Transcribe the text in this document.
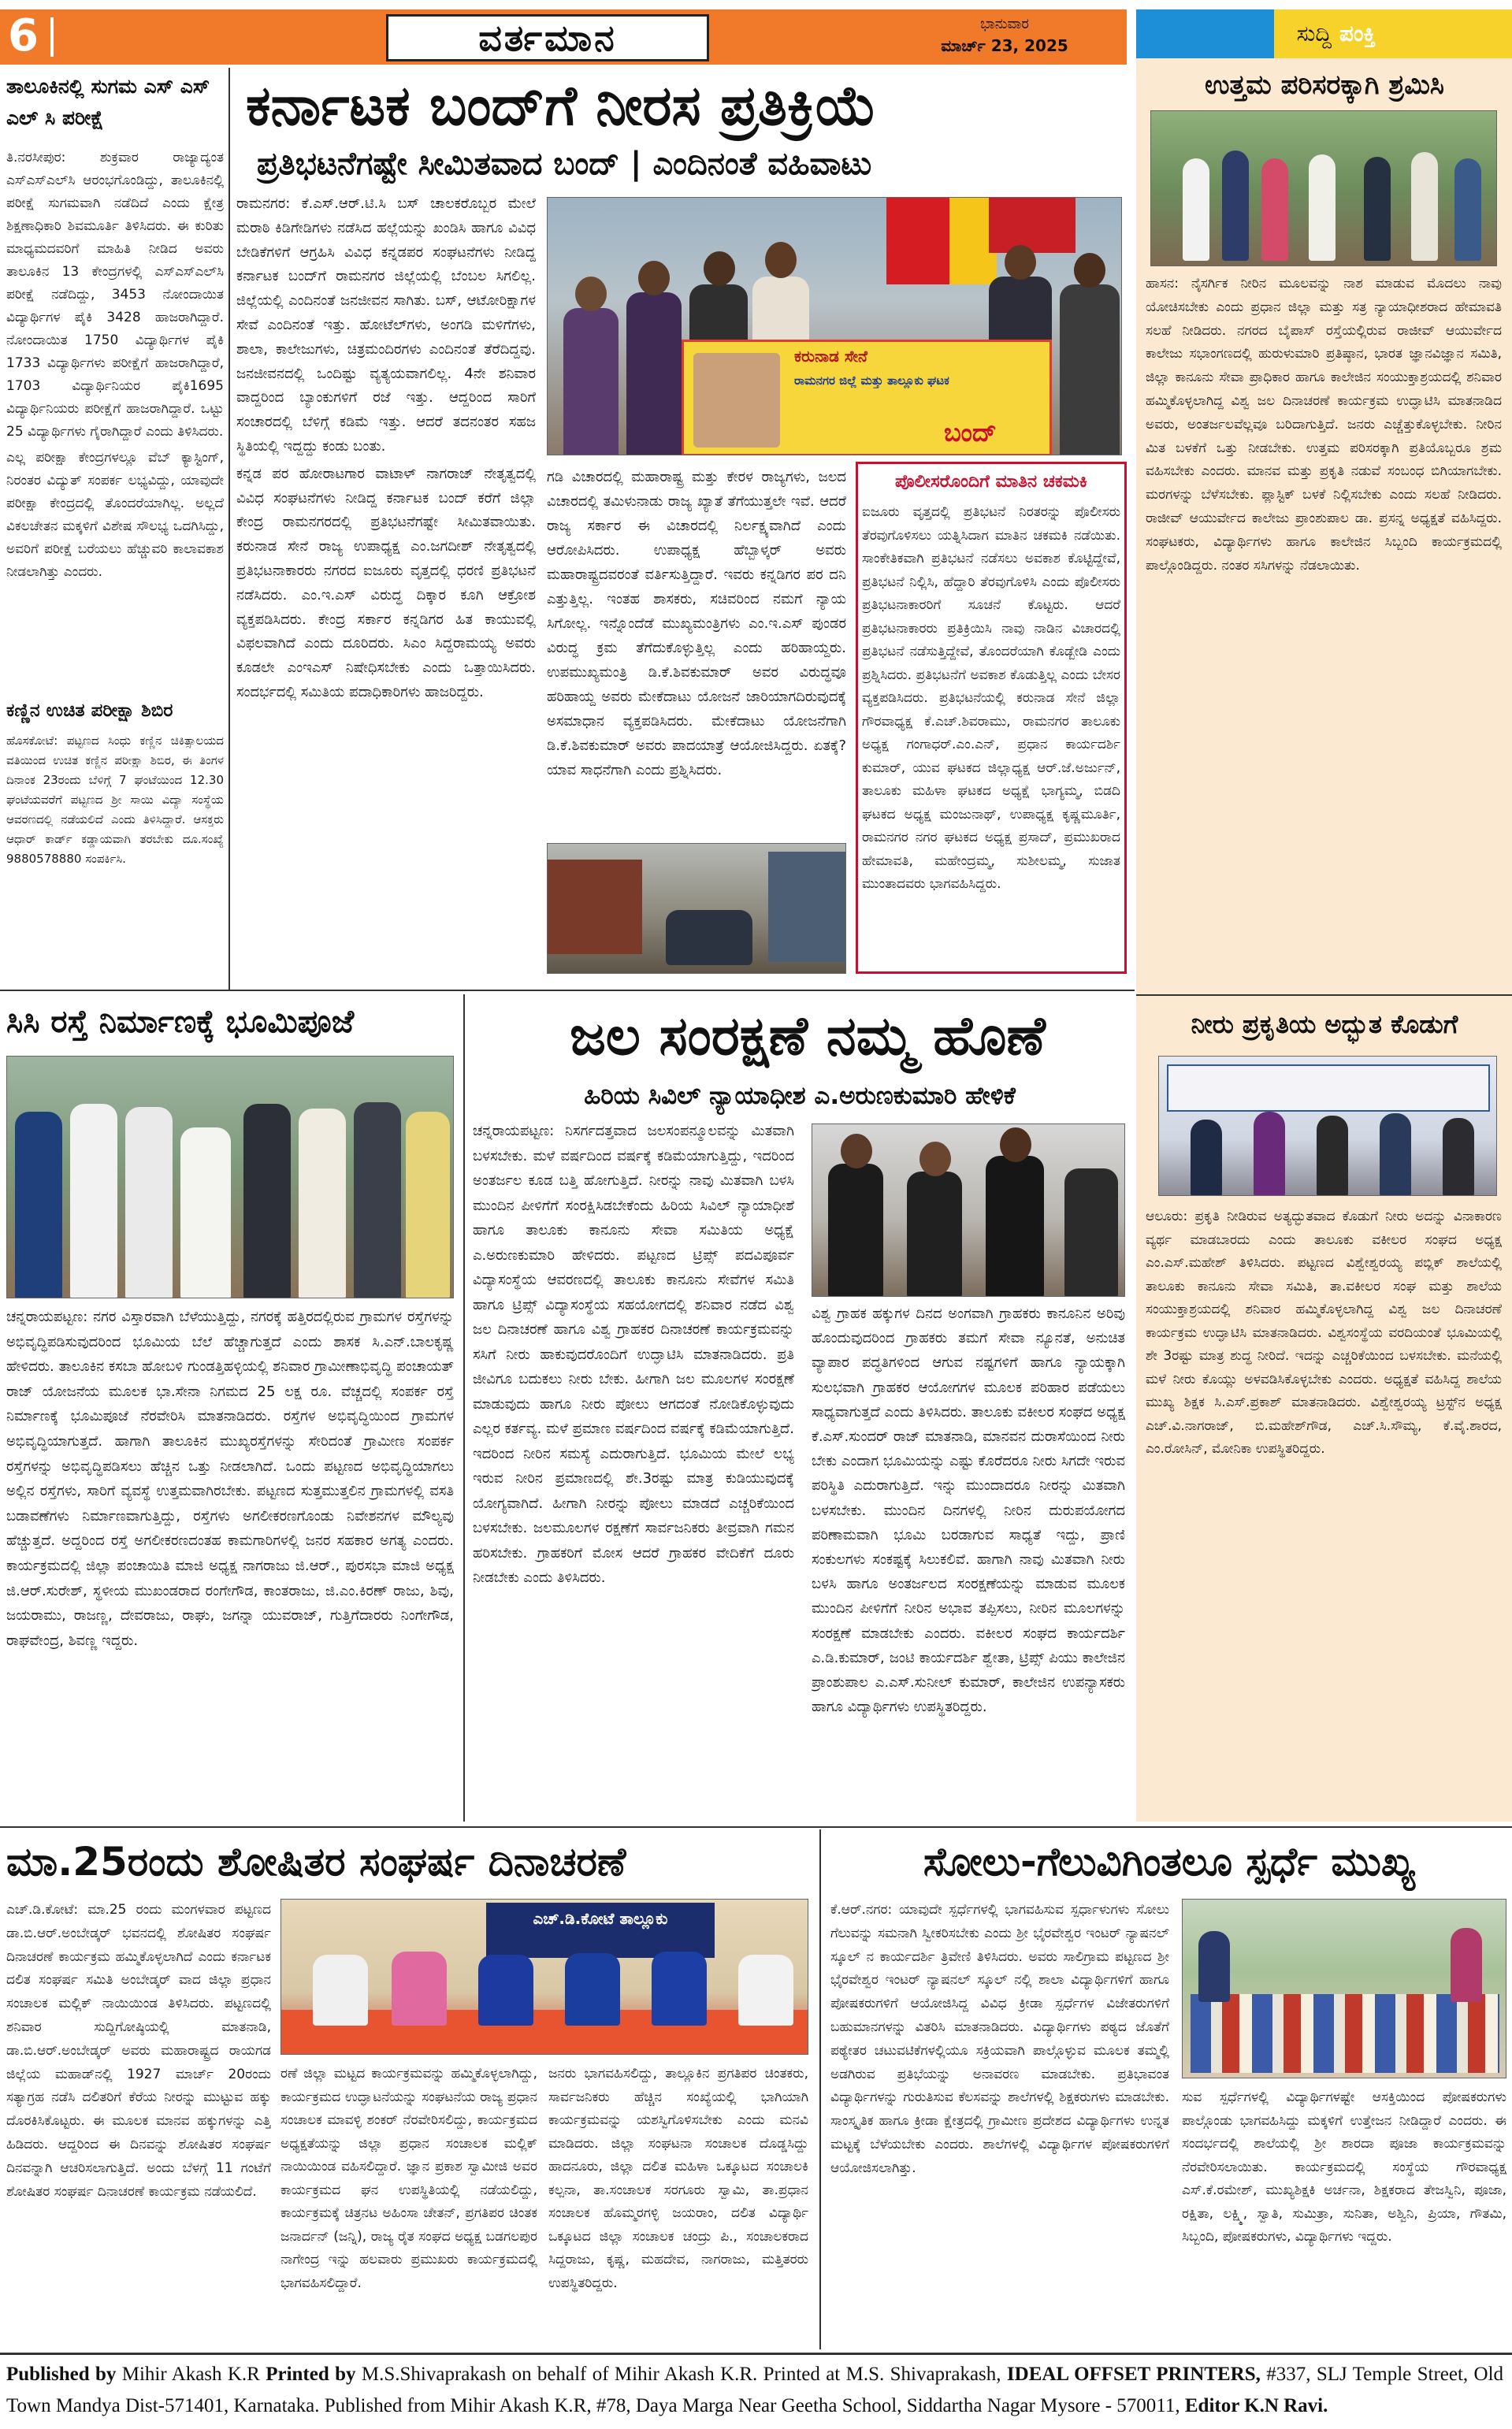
6	ವರ್ತಮಾನ	ಭಾನುವಾರ
ಮಾರ್ಚ್ 23, 2025	ಸುದ್ದಿ ಪಂಕ್ತಿ
ತಾಲೂಕಿನಲ್ಲಿ ಸುಗಮ ಎಸ್‌ ಎಸ್‌ ಎಲ್‌ ಸಿ ಪರೀಕ್ಷೆ

ತಿ.ನರಸೀಪುರ: ಶುಕ್ರವಾರ ರಾಜ್ಯಾದ್ಯಂತ ಎಸ್‌ಎಸ್‌ಎಲ್‌ಸಿ ಆರಂಭಗೊಂಡಿದ್ದು, ತಾಲೂಕಿನಲ್ಲಿ ಪರೀಕ್ಷೆ ಸುಗಮವಾಗಿ ನಡೆದಿದೆ ಎಂದು ಕ್ಷೇತ್ರ ಶಿಕ್ಷಣಾಧಿಕಾರಿ ಶಿವಮೂರ್ತಿ ತಿಳಿಸಿದರು. ಈ ಕುರಿತು ಮಾಧ್ಯಮದವರಿಗೆ ಮಾಹಿತಿ ನೀಡಿದ ಅವರು ತಾಲೂಕಿನ 13 ಕೇಂದ್ರಗಳಲ್ಲಿ ಎಸ್‌ಎಸ್‌ಎಲ್‌ಸಿ ಪರೀಕ್ಷೆ ನಡೆದಿದ್ದು, 3453 ನೋಂದಾಯಿತ ವಿದ್ಯಾರ್ಥಿಗಳ ಪೈಕಿ 3428 ಹಾಜರಾಗಿದ್ದಾರೆ. ನೋಂದಾಯಿತ 1750 ವಿದ್ಯಾರ್ಥಿಗಳ ಪೈಕಿ 1733 ವಿದ್ಯಾರ್ಥಿಗಳು ಪರೀಕ್ಷೆಗೆ ಹಾಜರಾಗಿದ್ದಾರೆ, 1703 ವಿದ್ಯಾರ್ಥಿನಿಯರ ಪೈಕಿ1695 ವಿದ್ಯಾರ್ಥಿನಿಯರು ಪರೀಕ್ಷೆಗೆ ಹಾಜರಾಗಿದ್ದಾರೆ. ಒಟ್ಟು 25 ವಿದ್ಯಾರ್ಥಿಗಳು ಗೈರಾಗಿದ್ದಾರೆ ಎಂದು ತಿಳಿಸಿದರು.

ಎಲ್ಲ ಪರೀಕ್ಷಾ ಕೇಂದ್ರಗಳಲ್ಲೂ ವೆಬ್ ಕ್ಯಾಸ್ಟಿಂಗ್, ನಿರಂತರ ವಿದ್ಯುತ್ ಸಂಪರ್ಕ ಲಭ್ಯವಿದ್ದು, ಯಾವುದೇ ಪರೀಕ್ಷಾ ಕೇಂದ್ರದಲ್ಲಿ ತೊಂದರೆಯಾಗಿಲ್ಲ. ಅಲ್ಲದೆ ವಿಕಲಚೇತನ ಮಕ್ಕಳಿಗೆ ವಿಶೇಷ ಸೌಲಭ್ಯ ಒದಗಿಸಿದ್ದು, ಅವರಿಗೆ ಪರೀಕ್ಷೆ ಬರೆಯಲು ಹೆಚ್ಚುವರಿ ಕಾಲಾವಕಾಶ ನೀಡಲಾಗಿತ್ತು ಎಂದರು.

ಕಣ್ಣಿನ ಉಚಿತ ಪರೀಕ್ಷಾ ಶಿಬಿರ
ಹೊಸಕೋಟೆ: ಪಟ್ಟಣದ ಸಿಂಧು ಕಣ್ಣಿನ ಚಿಕಿತ್ಸಾಲಯದ ವತಿಯಿಂದ ಉಚಿತ ಕಣ್ಣಿನ ಪರೀಕ್ಷಾ ಶಿಬಿರ, ಈ ತಿಂಗಳ ದಿನಾಂಕ 23ರಂದು ಬೆಳಿಗ್ಗೆ 7 ಘಂಟೆಯಿಂದ 12.30 ಘಂಟೆಯವರೆಗೆ ಪಟ್ಟಣದ ಶ್ರೀ ಸಾಯಿ ವಿದ್ಯಾ ಸಂಸ್ಥೆಯ ಆವರಣದಲ್ಲಿ ನಡೆಯಲಿದೆ ಎಂದು ತಿಳಿಸಿದ್ದಾರೆ. ಆಸಕ್ತರು ಆಧಾರ್ ಕಾರ್ಡ್ ಕಡ್ಡಾಯವಾಗಿ ತರಬೇಕು ದೂ.ಸಂಖ್ಯೆ 9880578880 ಸಂಪರ್ಕಿಸಿ.
ಕರ್ನಾಟಕ ಬಂದ್‌ಗೆ ನೀರಸ ಪ್ರತಿಕ್ರಿಯೆ
ಪ್ರತಿಭಟನೆಗಷ್ಟೇ ಸೀಮಿತವಾದ ಬಂದ್ | ಎಂದಿನಂತೆ ವಹಿವಾಟು

ರಾಮನಗರ: ಕೆ.ಎಸ್.ಆರ್.ಟಿ.ಸಿ ಬಸ್ ಚಾಲಕರೊಬ್ಬರ ಮೇಲೆ ಮರಾಠಿ ಕಿಡಿಗೇಡಿಗಳು ನಡೆಸಿದ ಹಲ್ಲೆಯನ್ನು ಖಂಡಿಸಿ ಹಾಗೂ ವಿವಿಧ ಬೇಡಿಕೆಗಳಿಗೆ ಆಗ್ರಹಿಸಿ ವಿವಿಧ ಕನ್ನಡಪರ ಸಂಘಟನೆಗಳು ನೀಡಿದ್ದ ಕರ್ನಾಟಕ ಬಂದ್‌ಗೆ ರಾಮನಗರ ಜಿಲ್ಲೆಯಲ್ಲಿ ಬೆಂಬಲ ಸಿಗಲಿಲ್ಲ. ಜಿಲ್ಲೆಯಲ್ಲಿ ಎಂದಿನಂತೆ ಜನಜೀವನ ಸಾಗಿತು. ಬಸ್, ಆಟೋರಿಕ್ಷಾಗಳ ಸೇವೆ ಎಂದಿನಂತೆ ಇತ್ತು. ಹೋಟೆಲ್‌ಗಳು, ಅಂಗಡಿ ಮಳಿಗೆಗಳು, ಶಾಲಾ, ಕಾಲೇಜುಗಳು, ಚಿತ್ರಮಂದಿರಗಳು ಎಂದಿನಂತೆ ತೆರೆದಿದ್ದವು. ಜನಜೀವನದಲ್ಲಿ ಒಂದಿಷ್ಟು ವ್ಯತ್ಯಯವಾಗಲಿಲ್ಲ. 4ನೇ ಶನಿವಾರ ವಾದ್ದರಿಂದ ಬ್ಯಾಂಕುಗಳಿಗೆ ರಜೆ ಇತ್ತು. ಆದ್ದರಿಂದ ಸಾರಿಗೆ ಸಂಚಾರದಲ್ಲಿ ಬೆಳಿಗ್ಗೆ ಕಡಿಮೆ ಇತ್ತು. ಆದರೆ ತದನಂತರ ಸಹಜ ಸ್ಥಿತಿಯಲ್ಲಿ ಇದ್ದದ್ದು ಕಂಡು ಬಂತು.

ಕನ್ನಡ ಪರ ಹೋರಾಟಗಾರ ವಾಟಾಳ್ ನಾಗರಾಜ್ ನೇತೃತ್ವದಲ್ಲಿ ವಿವಿಧ ಸಂಘಟನೆಗಳು ನೀಡಿದ್ದ ಕರ್ನಾಟಕ ಬಂದ್ ಕರೆಗೆ ಜಿಲ್ಲಾ ಕೇಂದ್ರ ರಾಮನಗರದಲ್ಲಿ ಪ್ರತಿಭಟನೆಗಷ್ಟೇ ಸೀಮಿತವಾಯಿತು. ಕರುನಾಡ ಸೇನೆ ರಾಜ್ಯ ಉಪಾಧ್ಯಕ್ಷ ಎಂ.ಜಗದೀಶ್ ನೇತೃತ್ವದಲ್ಲಿ ಪ್ರತಿಭಟನಾಕಾರರು ನಗರದ ಐಜೂರು ವೃತ್ತದಲ್ಲಿ ಧರಣಿ ಪ್ರತಿಭಟನೆ ನಡೆಸಿದರು. ಎಂ.ಇ.ಎಸ್ ವಿರುದ್ಧ ದಿಕ್ಕಾರ ಕೂಗಿ ಆಕ್ರೋಶ ವ್ಯಕ್ತಪಡಿಸಿದರು. ಕೇಂದ್ರ ಸರ್ಕಾರ ಕನ್ನಡಿಗರ ಹಿತ ಕಾಯುವಲ್ಲಿ ವಿಫಲವಾಗಿದೆ ಎಂದು ದೂರಿದರು. ಸಿಎಂ ಸಿದ್ದರಾಮಯ್ಯ ಅವರು ಕೂಡಲೇ ಎಂಇಎಸ್ ನಿಷೇಧಿಸಬೇಕು ಎಂದು ಒತ್ತಾಯಿಸಿದರು. ಸಂದರ್ಭದಲ್ಲಿ ಸಮಿತಿಯ ಪದಾಧಿಕಾರಿಗಳು ಹಾಜರಿದ್ದರು.

ಕರುನಾಡ ಸೇನೆ
ರಾಮನಗರ ಜಿಲ್ಲೆ ಮತ್ತು ತಾಲ್ಲೂಕು ಘಟಕ
ಬಂದ್
ಗಡಿ ವಿಚಾರದಲ್ಲಿ ಮಹಾರಾಷ್ಟ್ರ ಮತ್ತು ಕೇರಳ ರಾಜ್ಯಗಳು, ಜಲದ ವಿಚಾರದಲ್ಲಿ ತಮಿಳುನಾಡು ರಾಜ್ಯ ಖ್ಯಾತೆ ತೆಗೆಯುತ್ತಲೇ ಇವೆ. ಆದರೆ ರಾಜ್ಯ ಸರ್ಕಾರ ಈ ವಿಚಾರದಲ್ಲಿ ನಿರ್ಲಕ್ಷ್ಯವಾಗಿದೆ ಎಂದು ಆರೋಪಿಸಿದರು. ಉಪಾಧ್ಯಕ್ಷ ಹೆಬ್ಬಾಳ್ಕರ್ ಅವರು ಮಹಾರಾಷ್ಟ್ರದವರಂತೆ ವರ್ತಿಸುತ್ತಿದ್ದಾರೆ. ಇವರು ಕನ್ನಡಿಗರ ಪರ ದನಿ ಎತ್ತುತ್ತಿಲ್ಲ. ಇಂತಹ ಶಾಸಕರು, ಸಚಿವರಿಂದ ನಮಗೆ ನ್ಯಾಯ ಸಿಗೋಲ್ಲ. ಇನ್ನೊಂದೆಡೆ ಮುಖ್ಯಮಂತ್ರಿಗಳು ಎಂ.ಇ.ಎಸ್ ಪುಂಡರ ವಿರುದ್ಧ ಕ್ರಮ ತೆಗೆದುಕೊಳ್ಳುತ್ತಿಲ್ಲ ಎಂದು ಹರಿಹಾಯ್ದರು. ಉಪಮುಖ್ಯಮಂತ್ರಿ ಡಿ.ಕೆ.ಶಿವಕುಮಾರ್ ಅವರ ವಿರುದ್ಧವೂ ಹರಿಹಾಯ್ದ ಅವರು ಮೇಕೆದಾಟು ಯೋಜನೆ ಜಾರಿಯಾಗದಿರುವುದಕ್ಕೆ ಅಸಮಾಧಾನ ವ್ಯಕ್ತಪಡಿಸಿದರು. ಮೇಕೆದಾಟು ಯೋಜನೆಗಾಗಿ ಡಿ.ಕೆ.ಶಿವಕುಮಾರ್ ಅವರು ಪಾದಯಾತ್ರೆ ಆಯೋಜಿಸಿದ್ದರು. ಏತಕ್ಕೆ? ಯಾವ ಸಾಧನೆಗಾಗಿ ಎಂದು ಪ್ರಶ್ನಿಸಿದರು.
ಪೊಲೀಸರೊಂದಿಗೆ ಮಾತಿನ ಚಕಮಕಿ
ಐಜೂರು ವೃತ್ತದಲ್ಲಿ ಪ್ರತಿಭಟನೆ ನಿರತರನ್ನು ಪೊಲೀಸರು ತೆರವುಗೊಳಿಸಲು ಯತ್ನಿಸಿದಾಗ ಮಾತಿನ ಚಕಮಕಿ ನಡೆಯಿತು. ಸಾಂಕೇತಿಕವಾಗಿ ಪ್ರತಿಭಟನೆ ನಡೆಸಲು ಅವಕಾಶ ಕೊಟ್ಟಿದ್ದೇವೆ, ಪ್ರತಿಭಟನೆ ನಿಲ್ಲಿಸಿ, ಹೆದ್ದಾರಿ ತೆರವುಗೊಳಿಸಿ ಎಂದು ಪೊಲೀಸರು ಪ್ರತಿಭಟನಾಕಾರರಿಗೆ ಸೂಚನೆ ಕೊಟ್ಟರು. ಆದರೆ ಪ್ರತಿಭಟನಾಕಾರರು ಪ್ರತಿಕ್ರಿಯಿಸಿ ನಾವು ನಾಡಿನ ವಿಚಾರದಲ್ಲಿ ಪ್ರತಿಭಟನೆ ನಡೆಸುತ್ತಿದ್ದೇವೆ, ತೊಂದರೆಯಾಗಿ ಕೊಡ್ಬೇಡಿ ಎಂದು ಪ್ರಶ್ನಿಸಿದರು. ಪ್ರತಿಭಟನೆಗೆ ಅವಕಾಶ ಕೊಡುತ್ತಿಲ್ಲ ಎಂದು ಬೇಸರ ವ್ಯಕ್ತಪಡಿಸಿದರು. ಪ್ರತಿಭಟನೆಯಲ್ಲಿ ಕರುನಾಡ ಸೇನೆ ಜಿಲ್ಲಾ ಗೌರವಾಧ್ಯಕ್ಷ ಕೆ.ಎಚ್.ಶಿವರಾಮು, ರಾಮನಗರ ತಾಲೂಕು ಅಧ್ಯಕ್ಷ ಗಂಗಾಧರ್.ಎಂ.ಎನ್, ಪ್ರಧಾನ ಕಾರ್ಯದರ್ಶಿ ಕುಮಾರ್, ಯುವ ಘಟಕದ ಜಿಲ್ಲಾಧ್ಯಕ್ಷ ಆರ್.ಜೆ.ಅರ್ಜುನ್, ತಾಲೂಕು ಮಹಿಳಾ ಘಟಕದ ಅಧ್ಯಕ್ಷೆ ಭಾಗ್ಯಮ್ಮ, ಬಿಡದಿ ಘಟಕದ ಅಧ್ಯಕ್ಷ ಮಂಜುನಾಥ್, ಉಪಾಧ್ಯಕ್ಷ ಕೃಷ್ಣಮೂರ್ತಿ, ರಾಮನಗರ ನಗರ ಘಟಕದ ಅಧ್ಯಕ್ಷ ಪ್ರಸಾದ್, ಪ್ರಮುಖರಾದ ಹೇಮಾವತಿ, ಮಹೇಂದ್ರಮ್ಮ, ಸುಶೀಲಮ್ಮ, ಸುಜಾತ ಮುಂತಾದವರು ಭಾಗವಹಿಸಿದ್ದರು.
ಉತ್ತಮ ಪರಿಸರಕ್ಕಾಗಿ ಶ್ರಮಿಸಿ
ಹಾಸನ: ನೈಸರ್ಗಿಕ ನೀರಿನ ಮೂಲವನ್ನು ನಾಶ ಮಾಡುವ ಮೊದಲು ನಾವು ಯೋಚಿಸಬೇಕು ಎಂದು ಪ್ರಧಾನ ಜಿಲ್ಲಾ ಮತ್ತು ಸತ್ರ ನ್ಯಾಯಾಧೀಶರಾದ ಹೇಮಾವತಿ ಸಲಹೆ ನೀಡಿದರು. ನಗರದ ಬೈಪಾಸ್ ರಸ್ತೆಯಲ್ಲಿರುವ ರಾಜೀವ್ ಆಯುರ್ವೇದ ಕಾಲೇಜು ಸಭಾಂಗಣದಲ್ಲಿ ಹುರುಳುಮಾರಿ ಪ್ರತಿಷ್ಠಾನ, ಭಾರತ ಜ್ಞಾನವಿಜ್ಞಾನ ಸಮಿತಿ, ಜಿಲ್ಲಾ ಕಾನೂನು ಸೇವಾ ಪ್ರಾಧಿಕಾರ ಹಾಗೂ ಕಾಲೇಜಿನ ಸಂಯುಕ್ತಾಶ್ರಯದಲ್ಲಿ ಶನಿವಾರ ಹಮ್ಮಿಕೊಳ್ಳಲಾಗಿದ್ದ ವಿಶ್ವ ಜಲ ದಿನಾಚರಣೆ ಕಾರ್ಯಕ್ರಮ ಉದ್ಘಾಟಿಸಿ ಮಾತನಾಡಿದ ಅವರು, ಅಂತರ್ಜಲವೆಲ್ಲವೂ ಬರಿದಾಗುತ್ತಿದೆ. ಜನರು ಎಚ್ಚೆತ್ತುಕೊಳ್ಳಬೇಕು. ನೀರಿನ ಮಿತ ಬಳಕೆಗೆ ಒತ್ತು ನೀಡಬೇಕು. ಉತ್ತಮ ಪರಿಸರಕ್ಕಾಗಿ ಪ್ರತಿಯೊಬ್ಬರೂ ಶ್ರಮ ವಹಿಸಬೇಕು ಎಂದರು. ಮಾನವ ಮತ್ತು ಪ್ರಕೃತಿ ನಡುವೆ ಸಂಬಂಧ ಬಿಗಿಯಾಗಬೇಕು. ಮರಗಳನ್ನು ಬೆಳೆಸಬೇಕು. ಪ್ಲಾಸ್ಟಿಕ್ ಬಳಕೆ ನಿಲ್ಲಿಸಬೇಕು ಎಂದು ಸಲಹೆ ನೀಡಿದರು. ರಾಜೀವ್ ಆಯುರ್ವೇದ ಕಾಲೇಜು ಪ್ರಾಂಶುಪಾಲ ಡಾ. ಪ್ರಸನ್ನ ಅಧ್ಯಕ್ಷತೆ ವಹಿಸಿದ್ದರು. ಸಂಘಟಕರು, ವಿದ್ಯಾರ್ಥಿಗಳು ಹಾಗೂ ಕಾಲೇಜಿನ ಸಿಬ್ಬಂದಿ ಕಾರ್ಯಕ್ರಮದಲ್ಲಿ ಪಾಲ್ಗೊಂಡಿದ್ದರು. ನಂತರ ಸಸಿಗಳನ್ನು ನೆಡಲಾಯಿತು.
ನೀರು ಪ್ರಕೃತಿಯ ಅದ್ಭುತ ಕೊಡುಗೆ
ಆಲೂರು: ಪ್ರಕೃತಿ ನೀಡಿರುವ ಅತ್ಯದ್ಭುತವಾದ ಕೊಡುಗೆ ನೀರು ಅದನ್ನು ವಿನಾಕಾರಣ ವ್ಯರ್ಥ ಮಾಡಬಾರದು ಎಂದು ತಾಲೂಕು ವಕೀಲರ ಸಂಘದ ಅಧ್ಯಕ್ಷ ಎಂ.ಎಸ್.ಮಹೇಶ್ ತಿಳಿಸಿದರು. ಪಟ್ಟಣದ ವಿಶ್ವೇಶ್ವರಯ್ಯ ಪಬ್ಲಿಕ್ ಶಾಲೆಯಲ್ಲಿ ತಾಲೂಕು ಕಾನೂನು ಸೇವಾ ಸಮಿತಿ, ತಾ.ವಕೀಲರ ಸಂಘ ಮತ್ತು ಶಾಲೆಯ ಸಂಯುಕ್ತಾಶ್ರಯದಲ್ಲಿ ಶನಿವಾರ ಹಮ್ಮಿಕೊಳ್ಳಲಾಗಿದ್ದ ವಿಶ್ವ ಜಲ ದಿನಾಚರಣೆ ಕಾರ್ಯಕ್ರಮ ಉದ್ಘಾಟಿಸಿ ಮಾತನಾಡಿದರು. ವಿಶ್ವಸಂಸ್ಥೆಯ ವರದಿಯಂತೆ ಭೂಮಿಯಲ್ಲಿ ಶೇ 3ರಷ್ಟು ಮಾತ್ರ ಶುದ್ಧ ನೀರಿದೆ. ಇದನ್ನು ಎಚ್ಚರಿಕೆಯಿಂದ ಬಳಸಬೇಕು. ಮನೆಯಲ್ಲಿ ಮಳೆ ನೀರು ಕೊಯ್ಲು ಅಳವಡಿಸಿಕೊಳ್ಳಬೇಕು ಎಂದರು. ಅಧ್ಯಕ್ಷತೆ ವಹಿಸಿದ್ದ ಶಾಲೆಯ ಮುಖ್ಯ ಶಿಕ್ಷಕ ಸಿ.ಎಸ್.ಪ್ರಕಾಶ್ ಮಾತನಾಡಿದರು. ವಿಶ್ವೇಶ್ವರಯ್ಯ ಟ್ರಸ್ಟ್‌ನ ಅಧ್ಯಕ್ಷ ಎಚ್.ವಿ.ನಾಗರಾಜ್, ಬಿ.ಮಹೇಶ್‌ಗೌಡ, ಎಚ್.ಸಿ.ಸೌಮ್ಯ, ಕೆ.ವೈ.ಶಾರದ, ಎಂ.ರೋಸಿನ್, ಮೋನಿಕಾ ಉಪಸ್ಥಿತರಿದ್ದರು.
ಸಿಸಿ ರಸ್ತೆ ನಿರ್ಮಾಣಕ್ಕೆ ಭೂಮಿಪೂಜೆ
ಚನ್ನರಾಯಪಟ್ಟಣ: ನಗರ ವಿಸ್ತಾರವಾಗಿ ಬೆಳೆಯುತ್ತಿದ್ದು, ನಗರಕ್ಕೆ ಹತ್ತಿರದಲ್ಲಿರುವ ಗ್ರಾಮಗಳ ರಸ್ತೆಗಳನ್ನು ಅಭಿವೃದ್ಧಿಪಡಿಸುವುದರಿಂದ ಭೂಮಿಯ ಬೆಲೆ ಹೆಚ್ಚಾಗುತ್ತದೆ ಎಂದು ಶಾಸಕ ಸಿ.ಎನ್.ಬಾಲಕೃಷ್ಣ ಹೇಳಿದರು. ತಾಲೂಕಿನ ಕಸಬಾ ಹೋಬಳಿ ಗುಂಡತ್ತಿಹಳ್ಳಿಯಲ್ಲಿ ಶನಿವಾರ ಗ್ರಾಮೀಣಾಭಿವೃದ್ಧಿ ಪಂಚಾಯತ್ ರಾಜ್ ಯೋಜನೆಯ ಮೂಲಕ ಭಾ.ಸೇನಾ ನಿಗಮದ 25 ಲಕ್ಷ ರೂ. ವೆಚ್ಚದಲ್ಲಿ ಸಂಪರ್ಕ ರಸ್ತೆ ನಿರ್ಮಾಣಕ್ಕೆ ಭೂಮಿಪೂಜೆ ನೆರವೇರಿಸಿ ಮಾತನಾಡಿದರು. ರಸ್ತೆಗಳ ಅಭಿವೃದ್ಧಿಯಿಂದ ಗ್ರಾಮಗಳ ಅಭಿವೃದ್ಧಿಯಾಗುತ್ತದೆ. ಹಾಗಾಗಿ ತಾಲೂಕಿನ ಮುಖ್ಯರಸ್ತೆಗಳನ್ನು ಸೇರಿದಂತೆ ಗ್ರಾಮೀಣ ಸಂಪರ್ಕ ರಸ್ತೆಗಳನ್ನು ಅಭಿವೃದ್ಧಿಪಡಿಸಲು ಹೆಚ್ಚಿನ ಒತ್ತು ನೀಡಲಾಗಿದೆ. ಒಂದು ಪಟ್ಟಣದ ಅಭಿವೃದ್ಧಿಯಾಗಲು ಅಲ್ಲಿನ ರಸ್ತೆಗಳು, ಸಾರಿಗೆ ವ್ಯವಸ್ಥೆ ಉತ್ತಮವಾಗಿರಬೇಕು. ಪಟ್ಟಣದ ಸುತ್ತಮುತ್ತಲಿನ ಗ್ರಾಮಗಳಲ್ಲಿ ವಸತಿ ಬಡಾವಣೆಗಳು ನಿರ್ಮಾಣವಾಗುತ್ತಿದ್ದು, ರಸ್ತೆಗಳು ಅಗಲೀಕರಣಗೊಂಡು ನಿವೇಶನಗಳ ಮೌಲ್ಯವು ಹೆಚ್ಚುತ್ತದೆ. ಅದ್ದರಿಂದ ರಸ್ತೆ ಅಗಲೀಕರಣದಂತಹ ಕಾಮಗಾರಿಗಳಲ್ಲಿ ಜನರ ಸಹಕಾರ ಅಗತ್ಯ ಎಂದರು. ಕಾರ್ಯಕ್ರಮದಲ್ಲಿ ಜಿಲ್ಲಾ ಪಂಚಾಯಿತಿ ಮಾಜಿ ಅಧ್ಯಕ್ಷ ನಾಗರಾಜು ಜಿ.ಆರ್., ಪುರಸಭಾ ಮಾಜಿ ಅಧ್ಯಕ್ಷ ಜಿ.ಆರ್.ಸುರೇಶ್, ಸ್ಥಳೀಯ ಮುಖಂಡರಾದ ರಂಗೇಗೌಡ, ಕಾಂತರಾಜು, ಜಿ.ಎಂ.ಕಿರಣ್ ರಾಜು, ಶಿವು, ಜಯರಾಮು, ರಾಜಣ್ಣ, ದೇವರಾಜು, ರಾಘು, ಜಗನ್ನಾ ಯುವರಾಜ್, ಗುತ್ತಿಗೆದಾರರು ನಿಂಗೇಗೌಡ, ರಾಘವೇಂದ್ರ, ಶಿವಣ್ಣ ಇದ್ದರು.
ಜಲ ಸಂರಕ್ಷಣೆ ನಮ್ಮ ಹೊಣೆ
ಹಿರಿಯ ಸಿವಿಲ್ ನ್ಯಾಯಾಧೀಶ ಎ.ಅರುಣಕುಮಾರಿ ಹೇಳಿಕೆ
ಚನ್ನರಾಯಪಟ್ಟಣ: ನಿಸರ್ಗದತ್ತವಾದ ಜಲಸಂಪನ್ಮೂಲವನ್ನು ಮಿತವಾಗಿ ಬಳಸಬೇಕು. ಮಳೆ ವರ್ಷದಿಂದ ವರ್ಷಕ್ಕೆ ಕಡಿಮೆಯಾಗುತ್ತಿದ್ದು, ಇದರಿಂದ ಅಂತರ್ಜಲ ಕೂಡ ಬತ್ತಿ ಹೋಗುತ್ತಿದೆ. ನೀರನ್ನು ನಾವು ಮಿತವಾಗಿ ಬಳಸಿ ಮುಂದಿನ ಪೀಳಿಗೆಗೆ ಸಂರಕ್ಷಿಸಿಡಬೇಕೆಂದು ಹಿರಿಯ ಸಿವಿಲ್ ನ್ಯಾಯಾಧೀಶೆ ಹಾಗೂ ತಾಲೂಕು ಕಾನೂನು ಸೇವಾ ಸಮಿತಿಯ ಅಧ್ಯಕ್ಷೆ ಎ.ಅರುಣಕುಮಾರಿ ಹೇಳಿದರು. ಪಟ್ಟಣದ ಟ್ರಿಪ್ಸ್ ಪದವಿಪೂರ್ವ ವಿದ್ಯಾಸಂಸ್ಥೆಯ ಆವರಣದಲ್ಲಿ ತಾಲೂಕು ಕಾನೂನು ಸೇವೆಗಳ ಸಮಿತಿ ಹಾಗೂ ಟ್ರಿಪ್ಸ್ ವಿದ್ಯಾಸಂಸ್ಥೆಯ ಸಹಯೋಗದಲ್ಲಿ ಶನಿವಾರ ನಡೆದ ವಿಶ್ವ ಜಲ ದಿನಾಚರಣೆ ಹಾಗೂ ವಿಶ್ವ ಗ್ರಾಹಕರ ದಿನಾಚರಣೆ ಕಾರ್ಯಕ್ರಮವನ್ನು ಸಸಿಗೆ ನೀರು ಹಾಕುವುದರೊಂದಿಗೆ ಉದ್ಘಾಟಿಸಿ ಮಾತನಾಡಿದರು. ಪ್ರತಿ ಜೀವಿಗೂ ಬದುಕಲು ನೀರು ಬೇಕು. ಹೀಗಾಗಿ ಜಲ ಮೂಲಗಳ ಸಂರಕ್ಷಣೆ ಮಾಡುವುದು ಹಾಗೂ ನೀರು ಪೋಲು ಆಗದಂತೆ ನೋಡಿಕೊಳ್ಳುವುದು ಎಲ್ಲರ ಕರ್ತವ್ಯ. ಮಳೆ ಪ್ರಮಾಣ ವರ್ಷದಿಂದ ವರ್ಷಕ್ಕೆ ಕಡಿಮೆಯಾಗುತ್ತಿದೆ. ಇದರಿಂದ ನೀರಿನ ಸಮಸ್ಯೆ ಎದುರಾಗುತ್ತಿದೆ. ಭೂಮಿಯ ಮೇಲೆ ಲಭ್ಯ ಇರುವ ನೀರಿನ ಪ್ರಮಾಣದಲ್ಲಿ ಶೇ.3ರಷ್ಟು ಮಾತ್ರ ಕುಡಿಯುವುದಕ್ಕೆ ಯೋಗ್ಯವಾಗಿದೆ. ಹೀಗಾಗಿ ನೀರನ್ನು ಪೋಲು ಮಾಡದೆ ಎಚ್ಚರಿಕೆಯಿಂದ ಬಳಸಬೇಕು. ಜಲಮೂಲಗಳ ರಕ್ಷಣೆಗೆ ಸಾರ್ವಜನಿಕರು ತೀವ್ರವಾಗಿ ಗಮನ ಹರಿಸಬೇಕು. ಗ್ರಾಹಕರಿಗೆ ಮೋಸ ಆದರೆ ಗ್ರಾಹಕರ ವೇದಿಕೆಗೆ ದೂರು ನೀಡಬೇಕು ಎಂದು ತಿಳಿಸಿದರು.
ವಿಶ್ವ ಗ್ರಾಹಕ ಹಕ್ಕುಗಳ ದಿನದ ಅಂಗವಾಗಿ ಗ್ರಾಹಕರು ಕಾನೂನಿನ ಅರಿವು ಹೊಂದುವುದರಿಂದ ಗ್ರಾಹಕರು ತಮಗೆ ಸೇವಾ ನ್ಯೂನತೆ, ಅನುಚಿತ ವ್ಯಾಪಾರ ಪದ್ಧತಿಗಳಿಂದ ಆಗುವ ನಷ್ಟಗಳಿಗೆ ಹಾಗೂ ನ್ಯಾಯಕ್ಕಾಗಿ ಸುಲಭವಾಗಿ ಗ್ರಾಹಕರ ಆಯೋಗಗಳ ಮೂಲಕ ಪರಿಹಾರ ಪಡೆಯಲು ಸಾಧ್ಯವಾಗುತ್ತದೆ ಎಂದು ತಿಳಿಸಿದರು. ತಾಲೂಕು ವಕೀಲರ ಸಂಘದ ಅಧ್ಯಕ್ಷ ಕೆ.ಎಸ್.ಸುಂದರ್ ರಾಜ್ ಮಾತನಾಡಿ, ಮಾನವನ ದುರಾಸೆಯಿಂದ ನೀರು ಬೇಕು ಎಂದಾಗ ಭೂಮಿಯನ್ನು ಎಷ್ಟು ಕೊರೆದರೂ ನೀರು ಸಿಗದೇ ಇರುವ ಪರಿಸ್ಥಿತಿ ಎದುರಾಗುತ್ತಿದೆ. ಇನ್ನು ಮುಂದಾದರೂ ನೀರನ್ನು ಮಿತವಾಗಿ ಬಳಸಬೇಕು. ಮುಂದಿನ ದಿನಗಳಲ್ಲಿ ನೀರಿನ ದುರುಪಯೋಗದ ಪರಿಣಾಮವಾಗಿ ಭೂಮಿ ಬರಡಾಗುವ ಸಾಧ್ಯತೆ ಇದ್ದು, ಪ್ರಾಣಿ ಸಂಕುಲಗಳು ಸಂಕಷ್ಟಕ್ಕೆ ಸಿಲುಕಲಿವೆ. ಹಾಗಾಗಿ ನಾವು ಮಿತವಾಗಿ ನೀರು ಬಳಸಿ ಹಾಗೂ ಅಂತರ್ಜಲದ ಸಂರಕ್ಷಣೆಯನ್ನು ಮಾಡುವ ಮೂಲಕ ಮುಂದಿನ ಪೀಳಿಗೆಗೆ ನೀರಿನ ಅಭಾವ ತಪ್ಪಿಸಲು, ನೀರಿನ ಮೂಲಗಳನ್ನು ಸಂರಕ್ಷಣೆ ಮಾಡಬೇಕು ಎಂದರು. ವಕೀಲರ ಸಂಘದ ಕಾರ್ಯದರ್ಶಿ ಎ.ಡಿ.ಕುಮಾರ್, ಜಂಟಿ ಕಾರ್ಯದರ್ಶಿ ಶ್ವೇತಾ, ಟ್ರಿಪ್ಸ್ ಪಿಯು ಕಾಲೇಜಿನ ಪ್ರಾಂಶುಪಾಲ ಎ.ಎಸ್.ಸುನೀಲ್ ಕುಮಾರ್, ಕಾಲೇಜಿನ ಉಪನ್ಯಾಸಕರು ಹಾಗೂ ವಿದ್ಯಾರ್ಥಿಗಳು ಉಪಸ್ಥಿತರಿದ್ದರು.
ಮಾ.25ರಂದು ಶೋಷಿತರ ಸಂಘರ್ಷ ದಿನಾಚರಣೆ
ಎಚ್.ಡಿ.ಕೋಟೆ: ಮಾ.25 ರಂದು ಮಂಗಳವಾರ ಪಟ್ಟಣದ ಡಾ.ಬಿ.ಆರ್.ಅಂಬೇಡ್ಕರ್ ಭವನದಲ್ಲಿ ಶೋಷಿತರ ಸಂಘರ್ಷ ದಿನಾಚರಣೆ ಕಾರ್ಯಕ್ರಮ ಹಮ್ಮಿಕೊಳ್ಳಲಾಗಿದೆ ಎಂದು ಕರ್ನಾಟಕ ದಲಿತ ಸಂಘರ್ಷ ಸಮಿತಿ ಅಂಬೇಡ್ಕರ್ ವಾದ ಜಿಲ್ಲಾ ಪ್ರಧಾನ ಸಂಚಾಲಕ ಮಲ್ಲಿಕ್ ನಾಯಿಯಿಂಡ ತಿಳಿಸಿದರು. ಪಟ್ಟಣದಲ್ಲಿ ಶನಿವಾರ ಸುದ್ದಿಗೋಷ್ಠಿಯಲ್ಲಿ ಮಾತನಾಡಿ, ಡಾ.ಬಿ.ಆರ್.ಅಂಬೇಡ್ಕರ್ ಅವರು ಮಹಾರಾಷ್ಟ್ರದ ರಾಯಗಡ ಜಿಲ್ಲೆಯ ಮಹಾಡ್‌ನಲ್ಲಿ 1927 ಮಾರ್ಚ್ 20ರಂದು ಸತ್ಯಾಗ್ರಹ ನಡೆಸಿ ದಲಿತರಿಗೆ ಕೆರೆಯ ನೀರನ್ನು ಮುಟ್ಟುವ ಹಕ್ಕು ದೊರಕಿಸಿಕೊಟ್ಟರು. ಈ ಮೂಲಕ ಮಾನವ ಹಕ್ಕುಗಳನ್ನು ಎತ್ತಿ ಹಿಡಿದರು. ಆದ್ದರಿಂದ ಈ ದಿನವನ್ನು ಶೋಷಿತರ ಸಂಘರ್ಷ ದಿನವನ್ನಾಗಿ ಆಚರಿಸಲಾಗುತ್ತಿದೆ. ಅಂದು ಬೆಳಗ್ಗೆ 11 ಗಂಟೆಗೆ ಶೋಷಿತರ ಸಂಘರ್ಷ ದಿನಾಚರಣೆ ಕಾರ್ಯಕ್ರಮ ನಡೆಯಲಿದೆ.
ಎಚ್.ಡಿ.ಕೋಟೆ ತಾಲ್ಲೂಕು
ರಣೆ ಜಿಲ್ಲಾ ಮಟ್ಟದ ಕಾರ್ಯಕ್ರಮವನ್ನು ಹಮ್ಮಿಕೊಳ್ಳಲಾಗಿದ್ದು, ಕಾರ್ಯಕ್ರಮದ ಉದ್ಘಾಟನೆಯನ್ನು ಸಂಘಟನೆಯ ರಾಜ್ಯ ಪ್ರಧಾನ ಸಂಚಾಲಕ ಮಾವಳ್ಳಿ ಶಂಕರ್ ನೆರವೇರಿಸಲಿದ್ದು, ಕಾರ್ಯಕ್ರಮದ ಅಧ್ಯಕ್ಷತೆಯನ್ನು ಜಿಲ್ಲಾ ಪ್ರಧಾನ ಸಂಚಾಲಕ ಮಲ್ಲಿಕ್ ನಾಯಿಯಿಂಡ ವಹಿಸಲಿದ್ದಾರೆ. ಜ್ಞಾನ ಪ್ರಕಾಶ ಸ್ವಾಮೀಜಿ ಅವರ ಕಾರ್ಯಕ್ರಮದ ಘನ ಉಪಸ್ಥಿತಿಯಲ್ಲಿ ನಡೆಯಲಿದ್ದು, ಕಾರ್ಯಕ್ರಮಕ್ಕೆ ಚಿತ್ರನಟ ಅಹಿಂಸಾ ಚೇತನ್, ಪ್ರಗತಿಪರ ಚಿಂತಕ ಜನಾರ್ದನ್ (ಜನ್ನಿ), ರಾಜ್ಯ ರೈತ ಸಂಘದ ಅಧ್ಯಕ್ಷ ಬಡಗಲಪುರ ನಾಗೇಂದ್ರ ಇನ್ನು ಹಲವಾರು ಪ್ರಮುಖರು ಕಾರ್ಯಕ್ರಮದಲ್ಲಿ ಭಾಗವಹಿಸಲಿದ್ದಾರೆ.
ಜನರು ಭಾಗವಹಿಸಲಿದ್ದು, ತಾಲ್ಲೂಕಿನ ಪ್ರಗತಿಪರ ಚಿಂತಕರು, ಸಾರ್ವಜನಿಕರು ಹೆಚ್ಚಿನ ಸಂಖ್ಯೆಯಲ್ಲಿ ಭಾಗಿಯಾಗಿ ಕಾರ್ಯಕ್ರಮವನ್ನು ಯಶಸ್ವಿಗೊಳಿಸಬೇಕು ಎಂದು ಮನವಿ ಮಾಡಿದರು. ಜಿಲ್ಲಾ ಸಂಘಟನಾ ಸಂಚಾಲಕ ದೊಡ್ಡಸಿದ್ದು ಹಾದನೂರು, ಜಿಲ್ಲಾ ದಲಿತ ಮಹಿಳಾ ಒಕ್ಕೂಟದ ಸಂಚಾಲಕಿ ಕಲ್ಪನಾ, ತಾ.ಸಂಚಾಲಕ ಸರಗೂರು ಸ್ವಾಮಿ, ತಾ.ಪ್ರಧಾನ ಸಂಚಾಲಕ ಹೊಮ್ಮರಗಳ್ಳಿ ಜಯರಾಂ, ದಲಿತ ವಿದ್ಯಾರ್ಥಿ ಒಕ್ಕೂಟದ ಜಿಲ್ಲಾ ಸಂಚಾಲಕ ಚಂದ್ರು ಪಿ., ಸಂಚಾಲಕರಾದ ಸಿದ್ದರಾಜು, ಕೃಷ್ಣ, ಮಹದೇವ, ನಾಗರಾಜು, ಮತ್ತಿತರರು ಉಪಸ್ಥಿತರಿದ್ದರು.
ಸೋಲು-ಗೆಲುವಿಗಿಂತಲೂ ಸ್ಪರ್ಧೆ ಮುಖ್ಯ
ಕೆ.ಆರ್.ನಗರ: ಯಾವುದೇ ಸ್ಪರ್ಧೆಗಳಲ್ಲಿ ಭಾಗವಹಿಸುವ ಸ್ಪರ್ಧಾಳುಗಳು ಸೋಲು ಗೆಲುವನ್ನು ಸಮನಾಗಿ ಸ್ವೀಕರಿಸಬೇಕು ಎಂದು ಶ್ರೀ ಭೈರವೇಶ್ವರ ಇಂಟರ್ ನ್ಯಾಷನಲ್ ಸ್ಕೂಲ್ ನ ಕಾರ್ಯದರ್ಶಿ ತ್ರಿವೇಣಿ ತಿಳಿಸಿದರು. ಅವರು ಸಾಲಿಗ್ರಾಮ ಪಟ್ಟಣದ ಶ್ರೀ ಭೈರವೇಶ್ವರ ಇಂಟರ್ ನ್ಯಾಷನಲ್ ಸ್ಕೂಲ್ ನಲ್ಲಿ ಶಾಲಾ ವಿದ್ಯಾರ್ಥಿಗಳಿಗೆ ಹಾಗೂ ಪೋಷಕರುಗಳಿಗೆ ಆಯೋಜಿಸಿದ್ದ ವಿವಿಧ ಕ್ರೀಡಾ ಸ್ಪರ್ಧೆಗಳ ವಿಜೇತರುಗಳಿಗೆ ಬಹುಮಾನಗಳನ್ನು ವಿತರಿಸಿ ಮಾತನಾಡಿದರು. ವಿದ್ಯಾರ್ಥಿಗಳು ಪಠ್ಯದ ಜೊತೆಗೆ ಪಠ್ಯೇತರ ಚಟುವಟಿಕೆಗಳಲ್ಲಿಯೂ ಸಕ್ರಿಯವಾಗಿ ಪಾಲ್ಗೊಳ್ಳುವ ಮೂಲಕ ತಮ್ಮಲ್ಲಿ ಅಡಗಿರುವ ಪ್ರತಿಭೆಯನ್ನು ಅನಾವರಣ ಮಾಡಬೇಕು. ಪ್ರತಿಭಾವಂತ ವಿದ್ಯಾರ್ಥಿಗಳನ್ನು ಗುರುತಿಸುವ ಕೆಲಸವನ್ನು ಶಾಲೆಗಳಲ್ಲಿ ಶಿಕ್ಷಕರುಗಳು ಮಾಡಬೇಕು. ಸಾಂಸ್ಕೃತಿಕ ಹಾಗೂ ಕ್ರೀಡಾ ಕ್ಷೇತ್ರದಲ್ಲಿ ಗ್ರಾಮೀಣ ಪ್ರದೇಶದ ವಿದ್ಯಾರ್ಥಿಗಳು ಉನ್ನತ ಮಟ್ಟಕ್ಕೆ ಬೆಳೆಯಬೇಕು ಎಂದರು. ಶಾಲೆಗಳಲ್ಲಿ ವಿದ್ಯಾರ್ಥಿಗಳ ಪೋಷಕರುಗಳಿಗೆ ಆಯೋಜಿಸಲಾಗಿತ್ತು.
ಸುವ ಸ್ಪರ್ಧೆಗಳಲ್ಲಿ ವಿದ್ಯಾರ್ಥಿಗಳಷ್ಟೇ ಆಸಕ್ತಿಯಿಂದ ಪೋಷಕರುಗಳು ಪಾಲ್ಗೊಂಡು ಭಾಗವಹಿಸಿದ್ದು ಮಕ್ಕಳಿಗೆ ಉತ್ತೇಜನ ನೀಡಿದ್ದಾರೆ ಎಂದರು. ಈ ಸಂದರ್ಭದಲ್ಲಿ ಶಾಲೆಯಲ್ಲಿ ಶ್ರೀ ಶಾರದಾ ಪೂಜಾ ಕಾರ್ಯಕ್ರಮವನ್ನು ನೆರವೇರಿಸಲಾಯಿತು. ಕಾರ್ಯಕ್ರಮದಲ್ಲಿ ಸಂಸ್ಥೆಯ ಗೌರವಾಧ್ಯಕ್ಷ ಎಸ್.ಕೆ.ರಮೇಶ್, ಮುಖ್ಯಶಿಕ್ಷಕಿ ಅರ್ಚನಾ, ಶಿಕ್ಷಕರಾದ ತೇಜಸ್ವಿನಿ, ಪೂಜಾ, ರಕ್ಷಿತಾ, ಲಕ್ಷ್ಮಿ, ಸ್ವಾತಿ, ಸುಮಿತ್ರಾ, ಸುನಿತಾ, ಅಶ್ವಿನಿ, ಪ್ರಿಯಾ, ಗೌತಮಿ, ಸಿಬ್ಬಂದಿ, ಪೋಷಕರುಗಳು, ವಿದ್ಯಾರ್ಥಿಗಳು ಇದ್ದರು.
Published by Mihir Akash K.R Printed by M.S.Shivaprakash on behalf of Mihir Akash K.R. Printed at M.S. Shivaprakash, IDEAL OFFSET PRINTERS, #337, SLJ Temple Street, Old Town Mandya Dist-571401, Karnataka. Published from Mihir Akash K.R, #78, Daya Marga Near Geetha School, Siddartha Nagar Mysore - 570011, Editor K.N Ravi.
